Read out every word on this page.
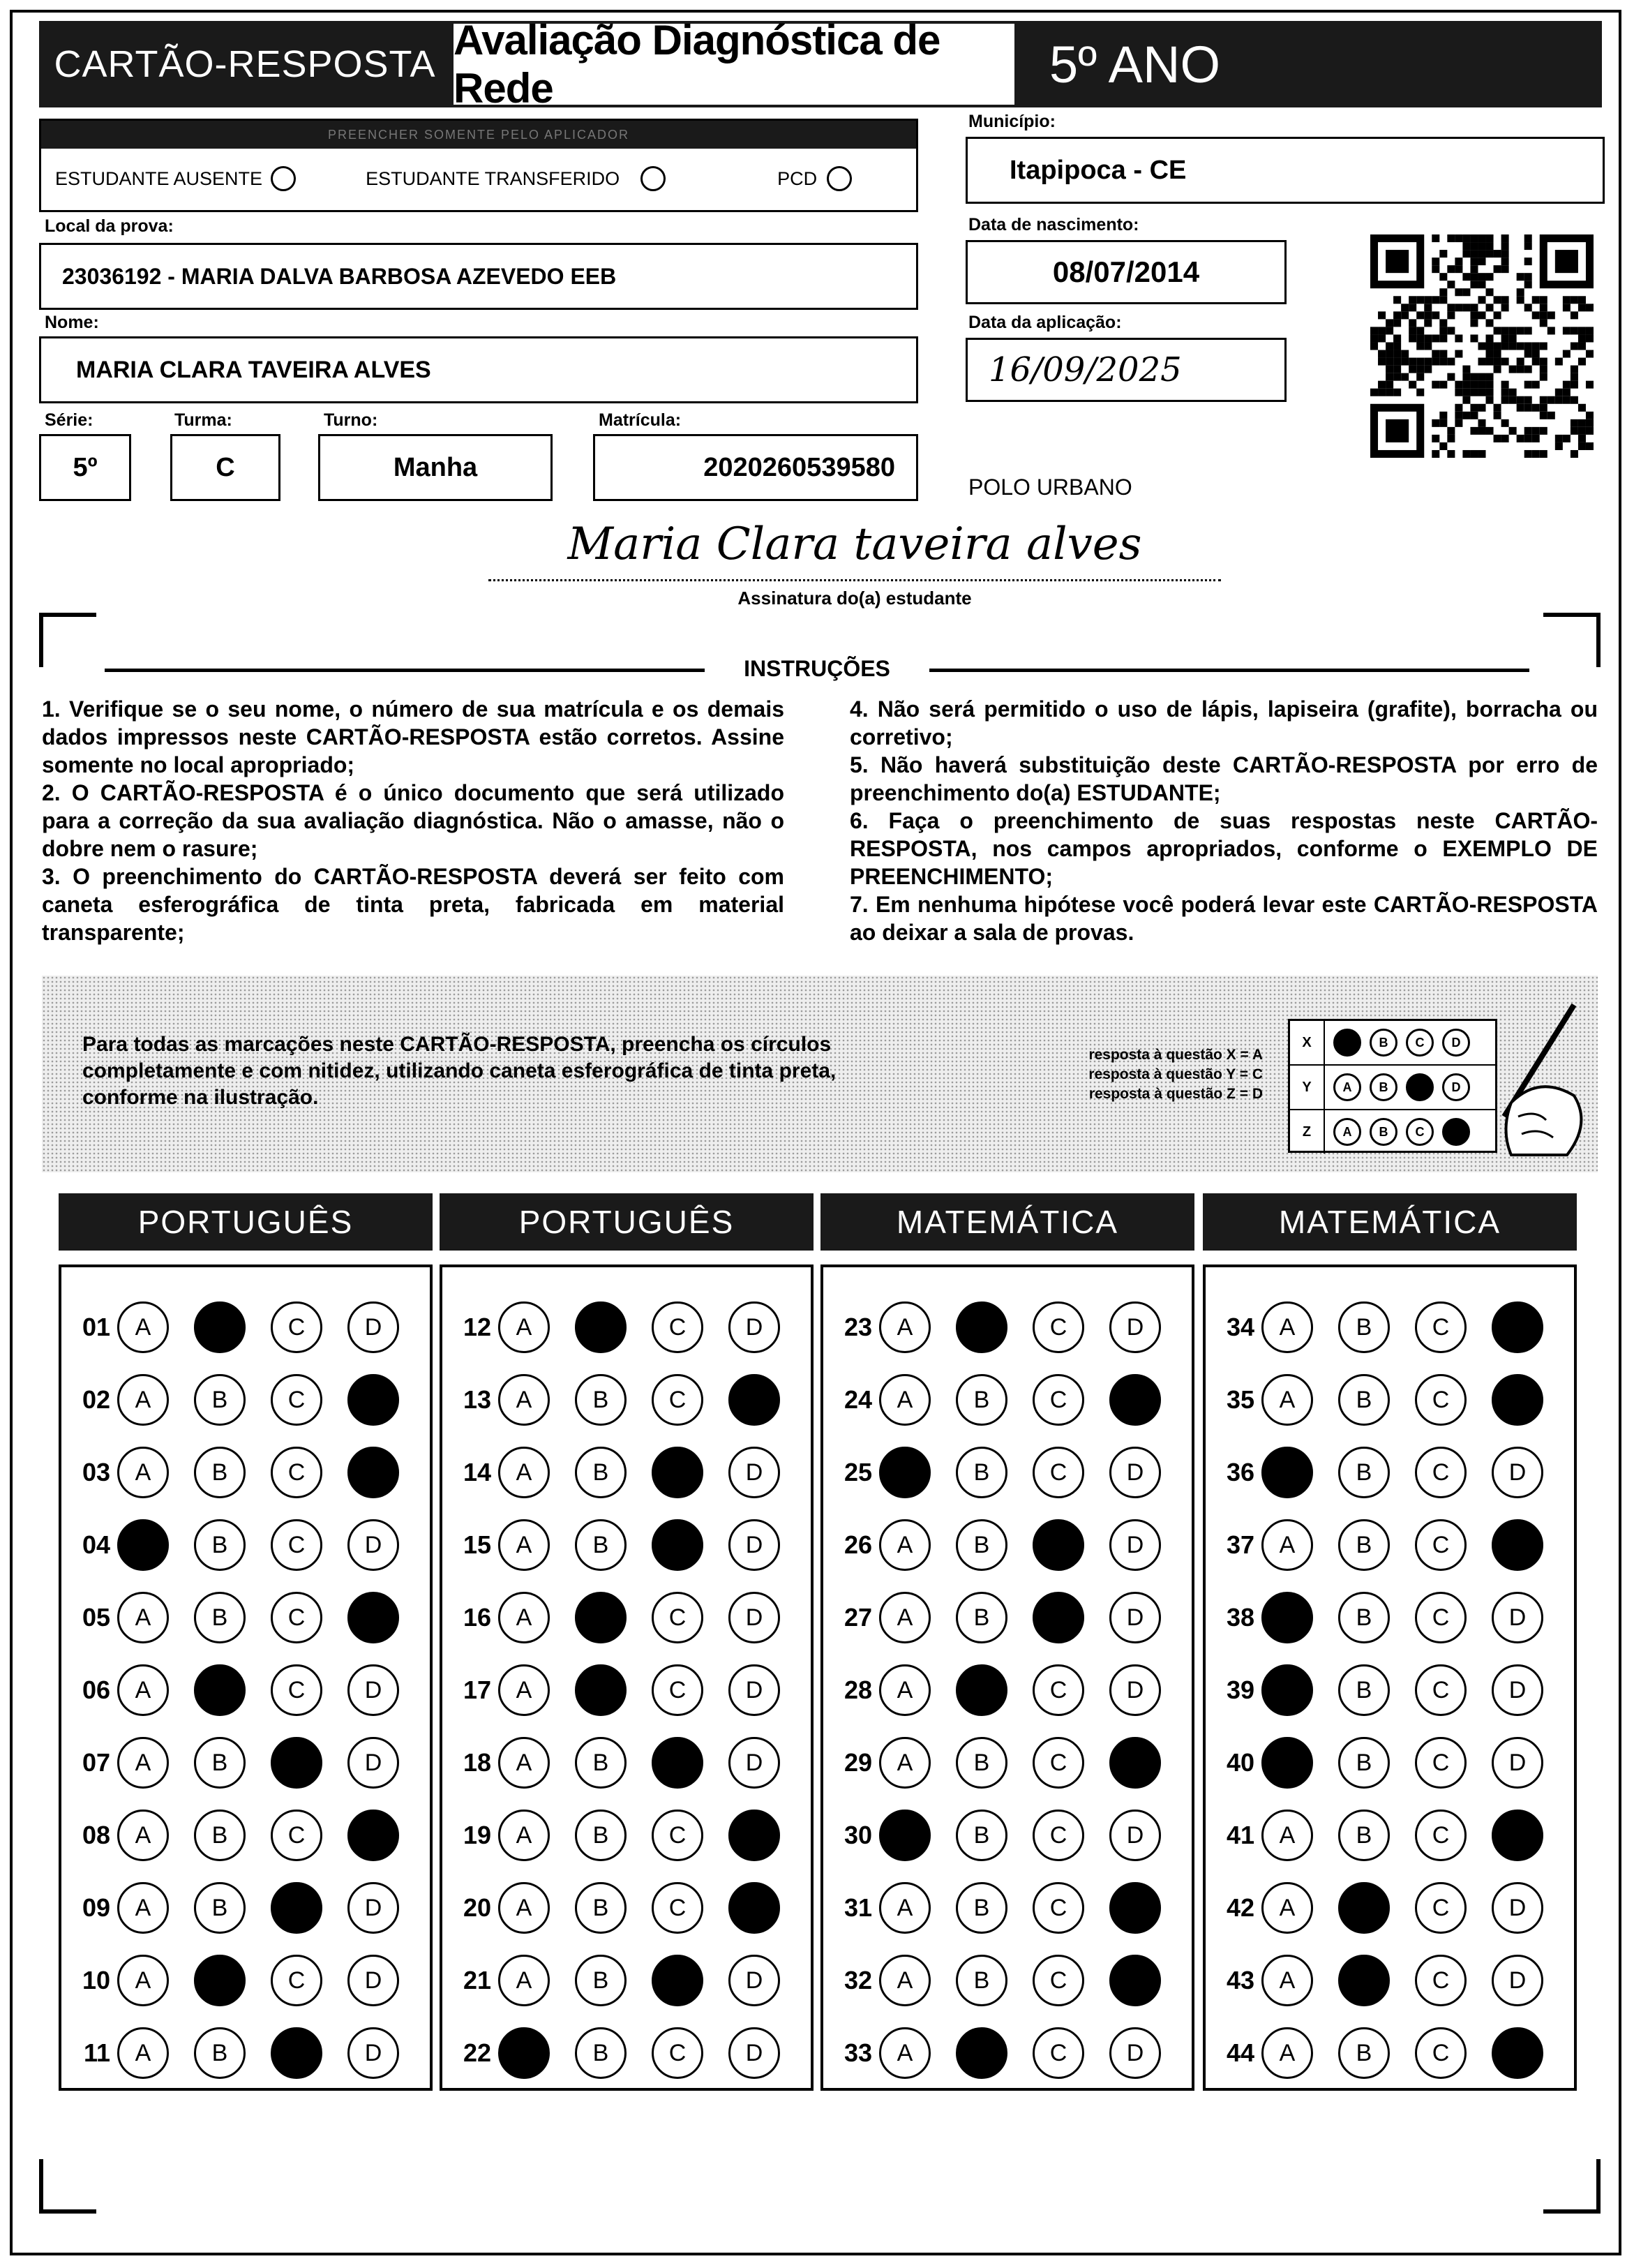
CARTÃO-RESPOSTA
Avaliação Diagnóstica de Rede	5º ANO
PREENCHER SOMENTE PELO APLICADOR
ESTUDANTE AUSENTE	ESTUDANTE TRANSFERIDO	PCD
Local da prova:
23036192 - MARIA DALVA BARBOSA AZEVEDO EEB
Nome:
MARIA CLARA TAVEIRA ALVES
Série:
5º
Turma:
C
Turno:
Manha
Matrícula:
2020260539580
Município:
Itapipoca - CE
Data de nascimento:
08/07/2014
Data da aplicação:
16/09/2025
POLO URBANO
Maria Clara taveira alves
Assinatura do(a) estudante
INSTRUÇÕES
1. Verifique se o seu nome, o número de sua matrícula e os demais dados impressos neste CARTÃO-RESPOSTA estão corretos. Assine somente no local apropriado;
2. O CARTÃO-RESPOSTA é o único documento que será utilizado para a correção da sua avaliação diagnóstica. Não o amasse, não o dobre nem o rasure;
3. O preenchimento do CARTÃO-RESPOSTA deverá ser feito com caneta esferográfica de tinta preta, fabricada em material transparente;
4. Não será permitido o uso de lápis, lapiseira (grafite), borracha ou corretivo;
5. Não haverá substituição deste CARTÃO-RESPOSTA por erro de preenchimento do(a) ESTUDANTE;
6. Faça o preenchimento de suas respostas neste CARTÃO-RESPOSTA, nos campos apropriados, conforme o EXEMPLO DE PREENCHIMENTO;
7. Em nenhuma hipótese você poderá levar este CARTÃO-RESPOSTA ao deixar a sala de provas.
Para todas as marcações neste CARTÃO-RESPOSTA, preencha os círculos completamente e com nitidez, utilizando caneta esferográfica de tinta preta, conforme na ilustração.
resposta à questão X = A
resposta à questão Y = C
resposta à questão Z = D
X	B	C	D
Y	A	B	D
Z	A	B	C
PORTUGUÊS
01	A	C	D
02	A	B	C
03	A	B	C
04	B	C	D
05	A	B	C
06	A	C	D
07	A	B	D
08	A	B	C
09	A	B	D
10	A	C	D
11	A	B	D
PORTUGUÊS
12	A	C	D
13	A	B	C
14	A	B	D
15	A	B	D
16	A	C	D
17	A	C	D
18	A	B	D
19	A	B	C
20	A	B	C
21	A	B	D
22	B	C	D
MATEMÁTICA
23	A	C	D
24	A	B	C
25	B	C	D
26	A	B	D
27	A	B	D
28	A	C	D
29	A	B	C
30	B	C	D
31	A	B	C
32	A	B	C
33	A	C	D
MATEMÁTICA
34	A	B	C
35	A	B	C
36	B	C	D
37	A	B	C
38	B	C	D
39	B	C	D
40	B	C	D
41	A	B	C
42	A	C	D
43	A	C	D
44	A	B	C
